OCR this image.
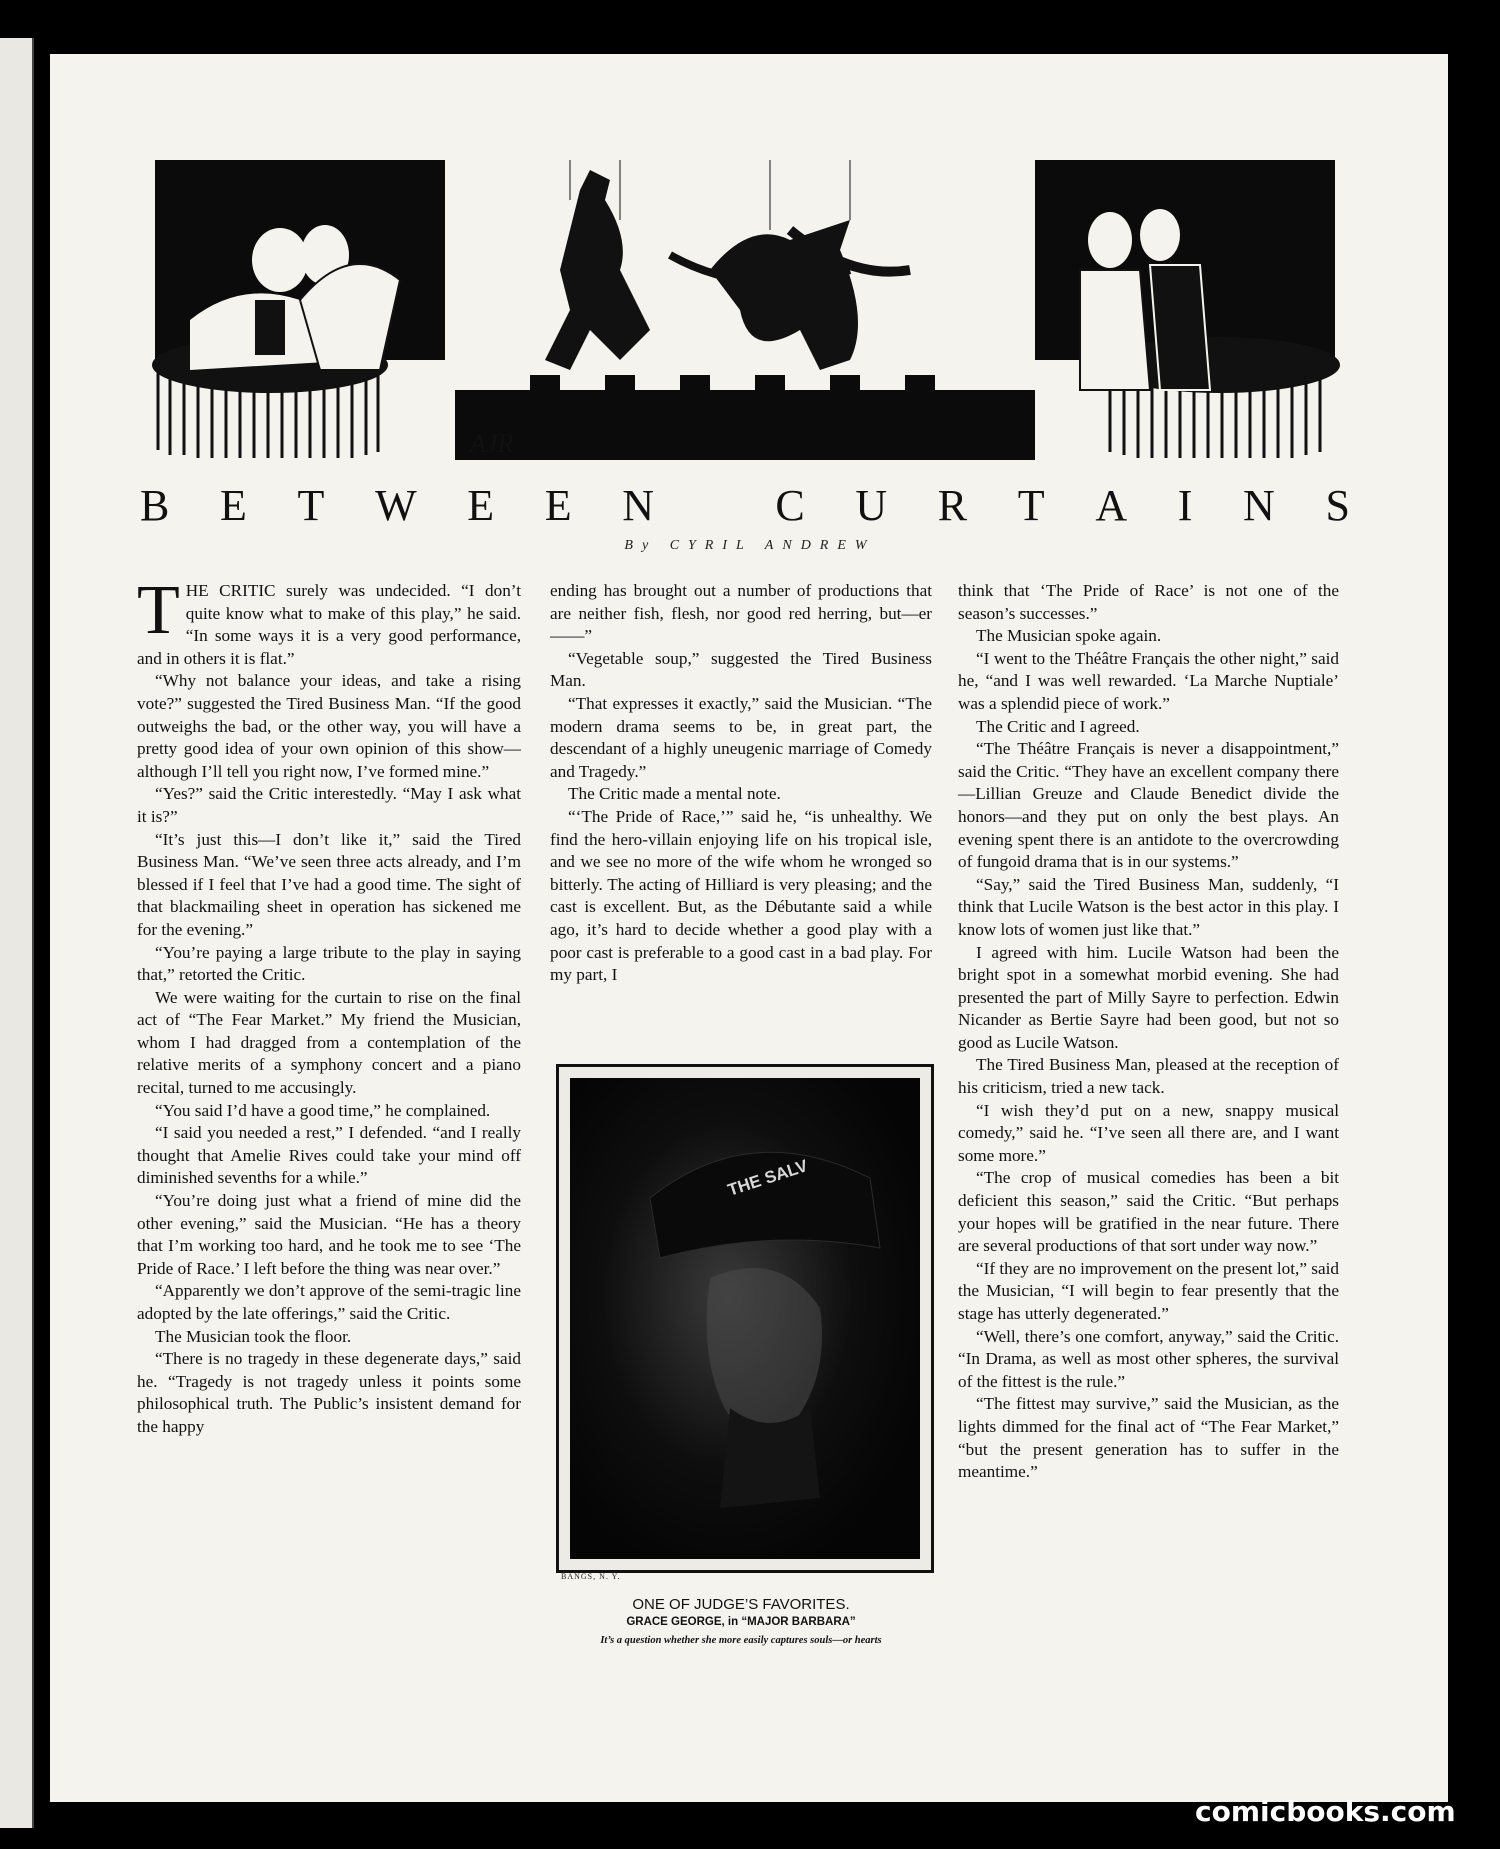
AJR
B E T W E E N	C U R T A I N S
By CYRIL ANDREW

THE CRITIC surely was undecided. “I don’t quite know what to make of this play,” he said. “In some ways it is a very good performance, and in others it is flat.”

“Why not balance your ideas, and take a rising vote?” suggested the Tired Business Man. “If the good outweighs the bad, or the other way, you will have a pretty good idea of your own opinion of this show—although I’ll tell you right now, I’ve formed mine.”

“Yes?” said the Critic interestedly. “May I ask what it is?”

“It’s just this—I don’t like it,” said the Tired Business Man. “We’ve seen three acts already, and I’m blessed if I feel that I’ve had a good time. The sight of that blackmailing sheet in operation has sickened me for the evening.”

“You’re paying a large tribute to the play in saying that,” retorted the Critic.

We were waiting for the curtain to rise on the final act of “The Fear Market.” My friend the Musician, whom I had dragged from a contemplation of the relative merits of a symphony concert and a piano recital, turned to me accusingly.

“You said I’d have a good time,” he complained.

“I said you needed a rest,” I defended. “and I really thought that Amelie Rives could take your mind off diminished sevenths for a while.”

“You’re doing just what a friend of mine did the other evening,” said the Musician. “He has a theory that I’m working too hard, and he took me to see ‘The Pride of Race.’ I left before the thing was near over.”

“Apparently we don’t approve of the semi-tragic line adopted by the late offerings,” said the Critic.

The Musician took the floor.

“There is no tragedy in these degenerate days,” said he. “Tragedy is not tragedy unless it points some philosophical truth. The Public’s insistent demand for the happy

ending has brought out a number of productions that are neither fish, flesh, nor good red herring, but—er——”

“Vegetable soup,” suggested the Tired Business Man.

“That expresses it exactly,” said the Musician. “The modern drama seems to be, in great part, the descendant of a highly uneugenic marriage of Comedy and Tragedy.”

The Critic made a mental note.

“‘The Pride of Race,’” said he, “is unhealthy. We find the hero-villain enjoying life on his tropical isle, and we see no more of the wife whom he wronged so bitterly. The acting of Hilliard is very pleasing; and the cast is excellent. But, as the Débutante said a while ago, it’s hard to decide whether a good play with a poor cast is preferable to a good cast in a bad play. For my part, I

THE SALV
BANGS, N. Y.
ONE OF JUDGE’S FAVORITES.
GRACE GEORGE, in “MAJOR BARBARA”
It’s a question whether she more easily captures souls—or hearts

think that ‘The Pride of Race’ is not one of the season’s successes.”

The Musician spoke again.

“I went to the Théâtre Français the other night,” said he, “and I was well rewarded. ‘La Marche Nuptiale’ was a splendid piece of work.”

The Critic and I agreed.

“The Théâtre Français is never a disappointment,” said the Critic. “They have an excellent company there—Lillian Greuze and Claude Benedict divide the honors—and they put on only the best plays. An evening spent there is an antidote to the overcrowding of fungoid drama that is in our systems.”

“Say,” said the Tired Business Man, suddenly, “I think that Lucile Watson is the best actor in this play. I know lots of women just like that.”

I agreed with him. Lucile Watson had been the bright spot in a somewhat morbid evening. She had presented the part of Milly Sayre to perfection. Edwin Nicander as Bertie Sayre had been good, but not so good as Lucile Watson.

The Tired Business Man, pleased at the reception of his criticism, tried a new tack.

“I wish they’d put on a new, snappy musical comedy,” said he. “I’ve seen all there are, and I want some more.”

“The crop of musical comedies has been a bit deficient this season,” said the Critic. “But perhaps your hopes will be gratified in the near future. There are several productions of that sort under way now.”

“If they are no improvement on the present lot,” said the Musician, “I will begin to fear presently that the stage has utterly degenerated.”

“Well, there’s one comfort, anyway,” said the Critic. “In Drama, as well as most other spheres, the survival of the fittest is the rule.”

“The fittest may survive,” said the Musician, as the lights dimmed for the final act of “The Fear Market,” “but the present generation has to suffer in the meantime.”

comicbooks.com
